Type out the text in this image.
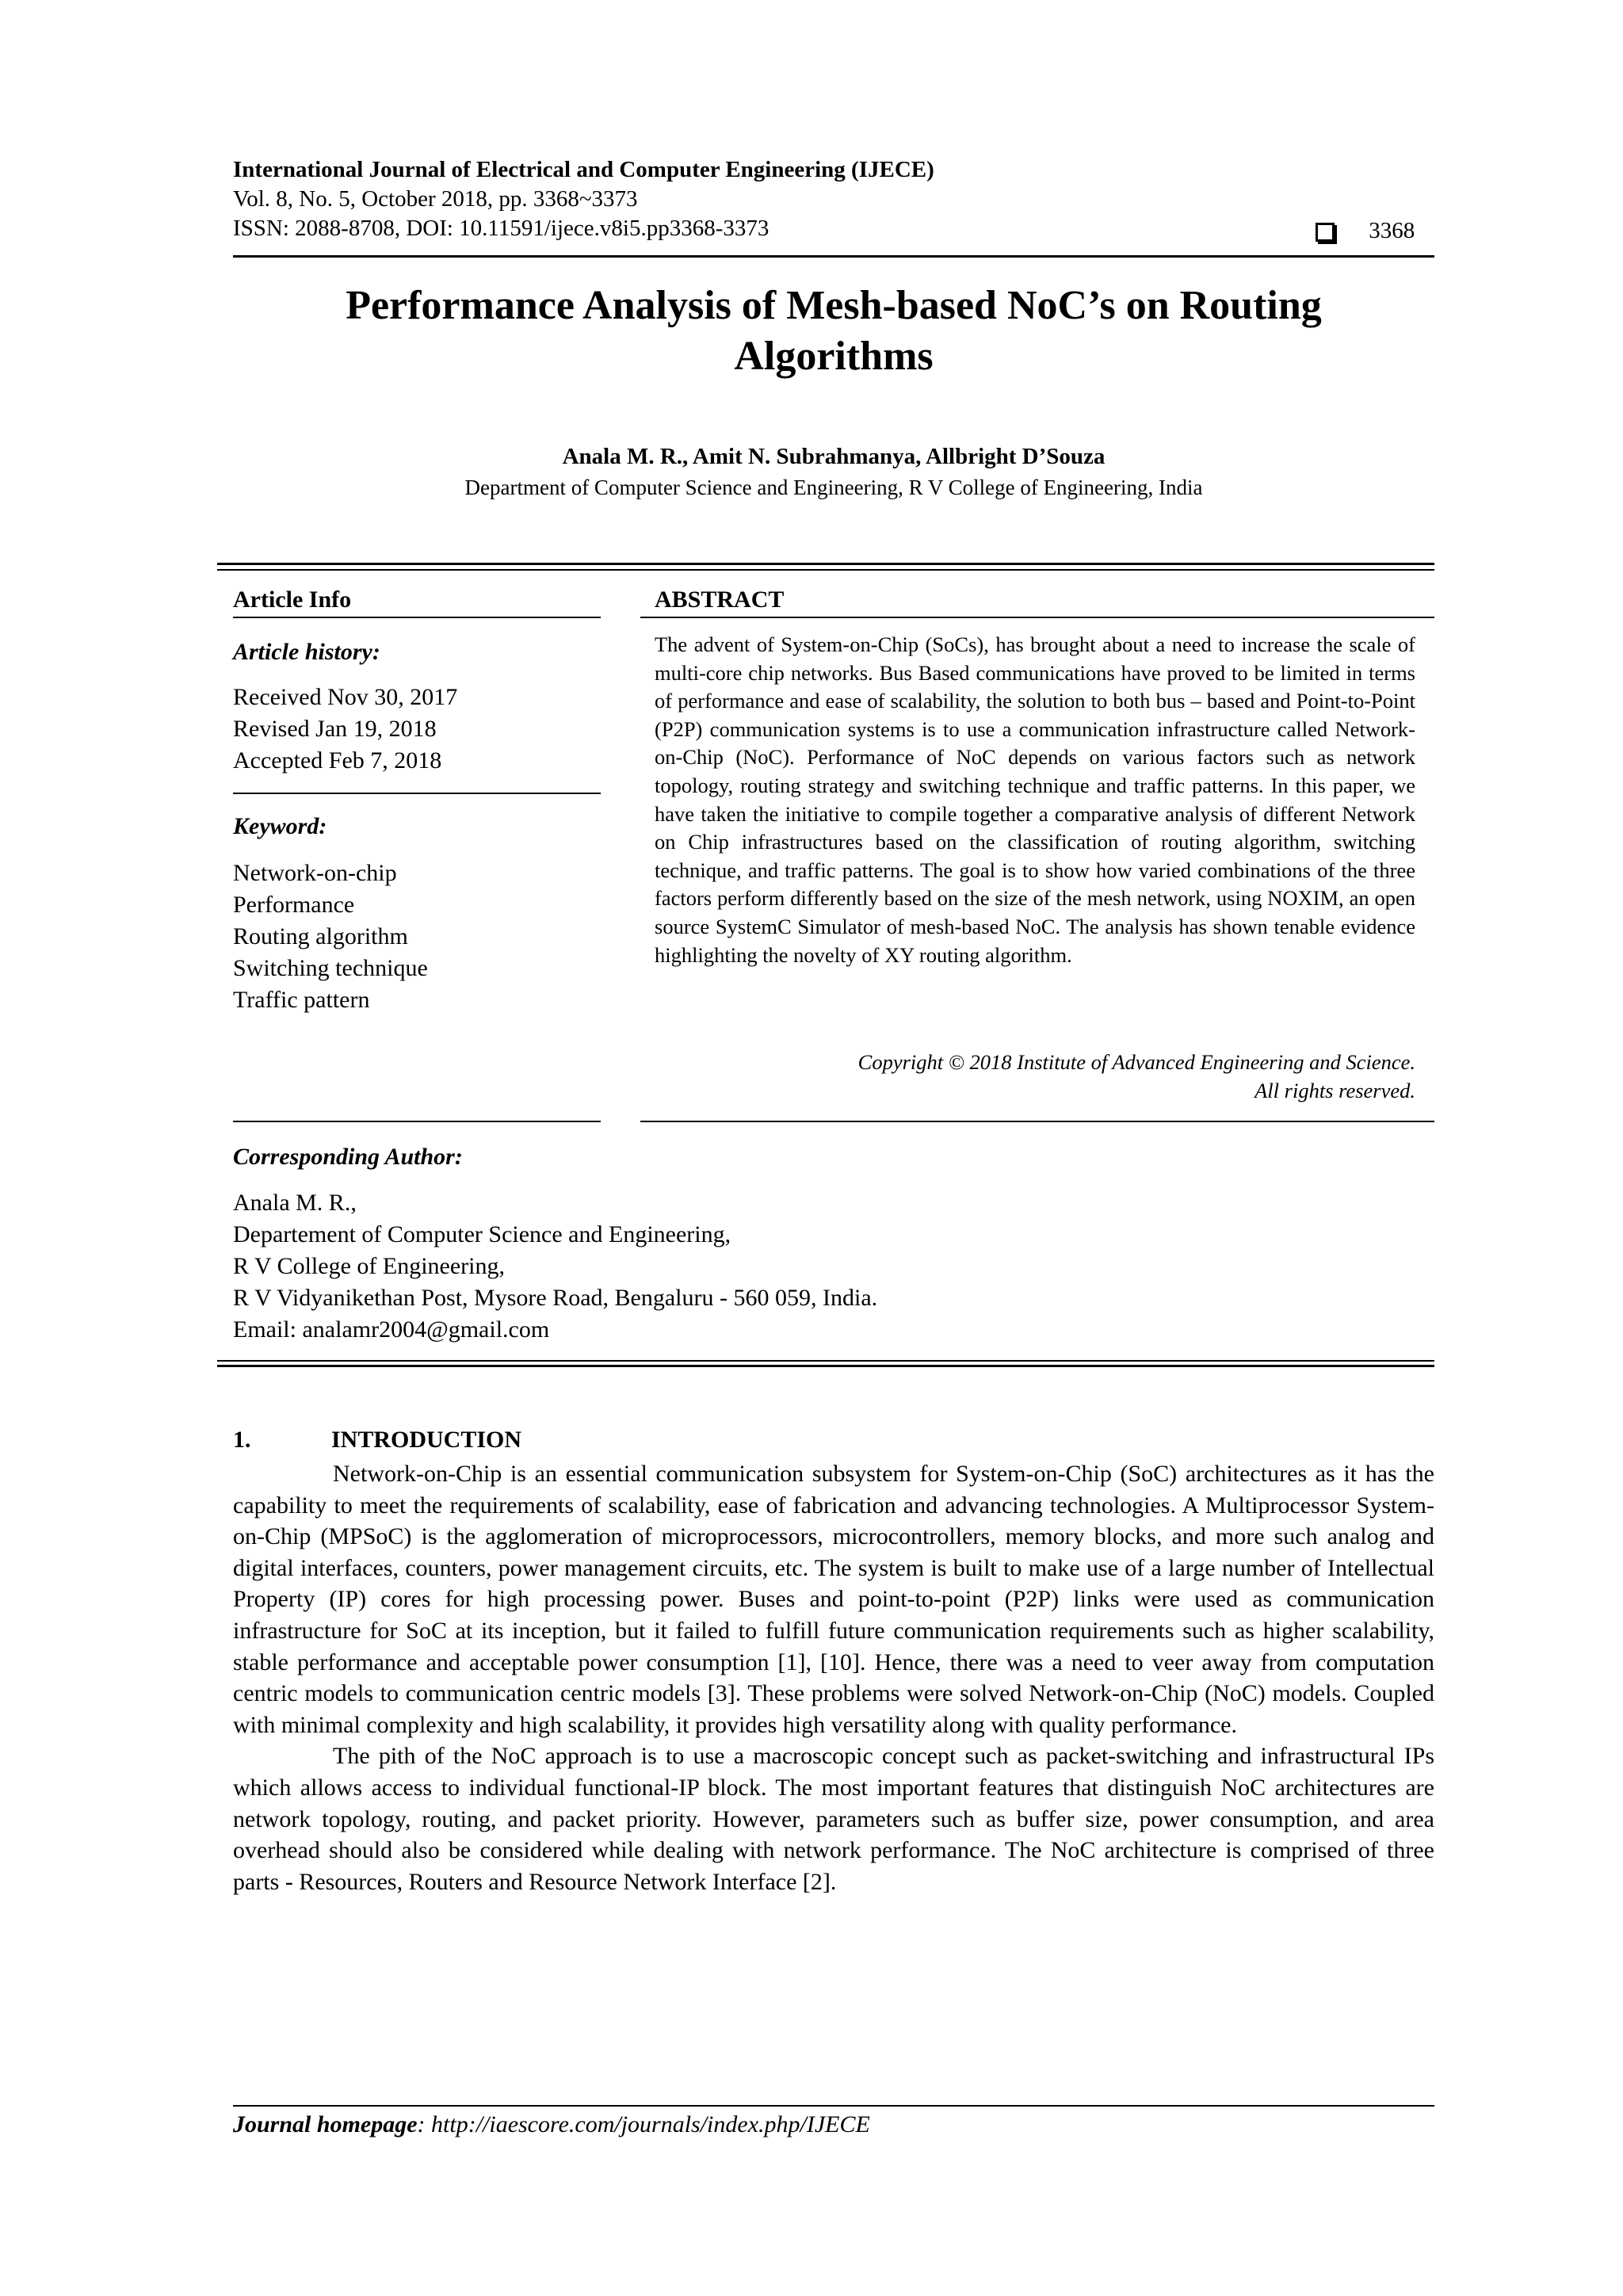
International Journal of Electrical and Computer Engineering (IJECE)
Vol. 8, No. 5, October 2018, pp. 3368~3373
ISSN: 2088-8708, DOI: 10.11591/ijece.v8i5.pp3368-3373	3368
Performance Analysis of Mesh-based NoC’s on Routing
Algorithms
Anala M. R., Amit N. Subrahmanya, Allbright D’Souza
Department of Computer Science and Engineering, R V College of Engineering, India
Article Info
Article history:
Received Nov 30, 2017
Revised Jan 19, 2018
Accepted Feb 7, 2018
Keyword:
Network-on-chip
Performance
Routing algorithm
Switching technique
Traffic pattern
ABSTRACT
The advent of System-on-Chip (SoCs), has brought about a need to increase the scale of multi-core chip networks. Bus Based communications have proved to be limited in terms of performance and ease of scalability, the solution to both bus – based and Point-to-Point (P2P) communication systems is to use a communication infrastructure called Network-on-Chip (NoC). Performance of NoC depends on various factors such as network topology, routing strategy and switching technique and traffic patterns. In this paper, we have taken the initiative to compile together a comparative analysis of different Network on Chip infrastructures based on the classification of routing algorithm, switching technique, and traffic patterns. The goal is to show how varied combinations of the three factors perform differently based on the size of the mesh network, using NOXIM, an open source SystemC Simulator of mesh-based NoC. The analysis has shown tenable evidence highlighting the novelty of XY routing algorithm.
Copyright © 2018 Institute of Advanced Engineering and Science.
All rights reserved.
Corresponding Author:
Anala M. R.,
Departement of Computer Science and Engineering,
R V College of Engineering,
R V Vidyanikethan Post, Mysore Road, Bengaluru - 560 059, India.
Email: analamr2004@gmail.com
1.	INTRODUCTION

Network-on-Chip is an essential communication subsystem for System-on-Chip (SoC) architectures as it has the capability to meet the requirements of scalability, ease of fabrication and advancing technologies. A Multiprocessor System-on-Chip (MPSoC) is the agglomeration of microprocessors, microcontrollers, memory blocks, and more such analog and digital interfaces, counters, power management circuits, etc. The system is built to make use of a large number of Intellectual Property (IP) cores for high processing power. Buses and point-to-point (P2P) links were used as communication infrastructure for SoC at its inception, but it failed to fulfill future communication requirements such as higher scalability, stable performance and acceptable power consumption [1], [10]. Hence, there was a need to veer away from computation centric models to communication centric models [3]. These problems were solved Network-on-Chip (NoC) models. Coupled with minimal complexity and high scalability, it provides high versatility along with quality performance.

The pith of the NoC approach is to use a macroscopic concept such as packet-switching and infrastructural IPs which allows access to individual functional-IP block. The most important features that distinguish NoC architectures are network topology, routing, and packet priority. However, parameters such as buffer size, power consumption, and area overhead should also be considered while dealing with network performance. The NoC architecture is comprised of three parts - Resources, Routers and Resource Network Interface [2].

Journal homepage: http://iaescore.com/journals/index.php/IJECE
